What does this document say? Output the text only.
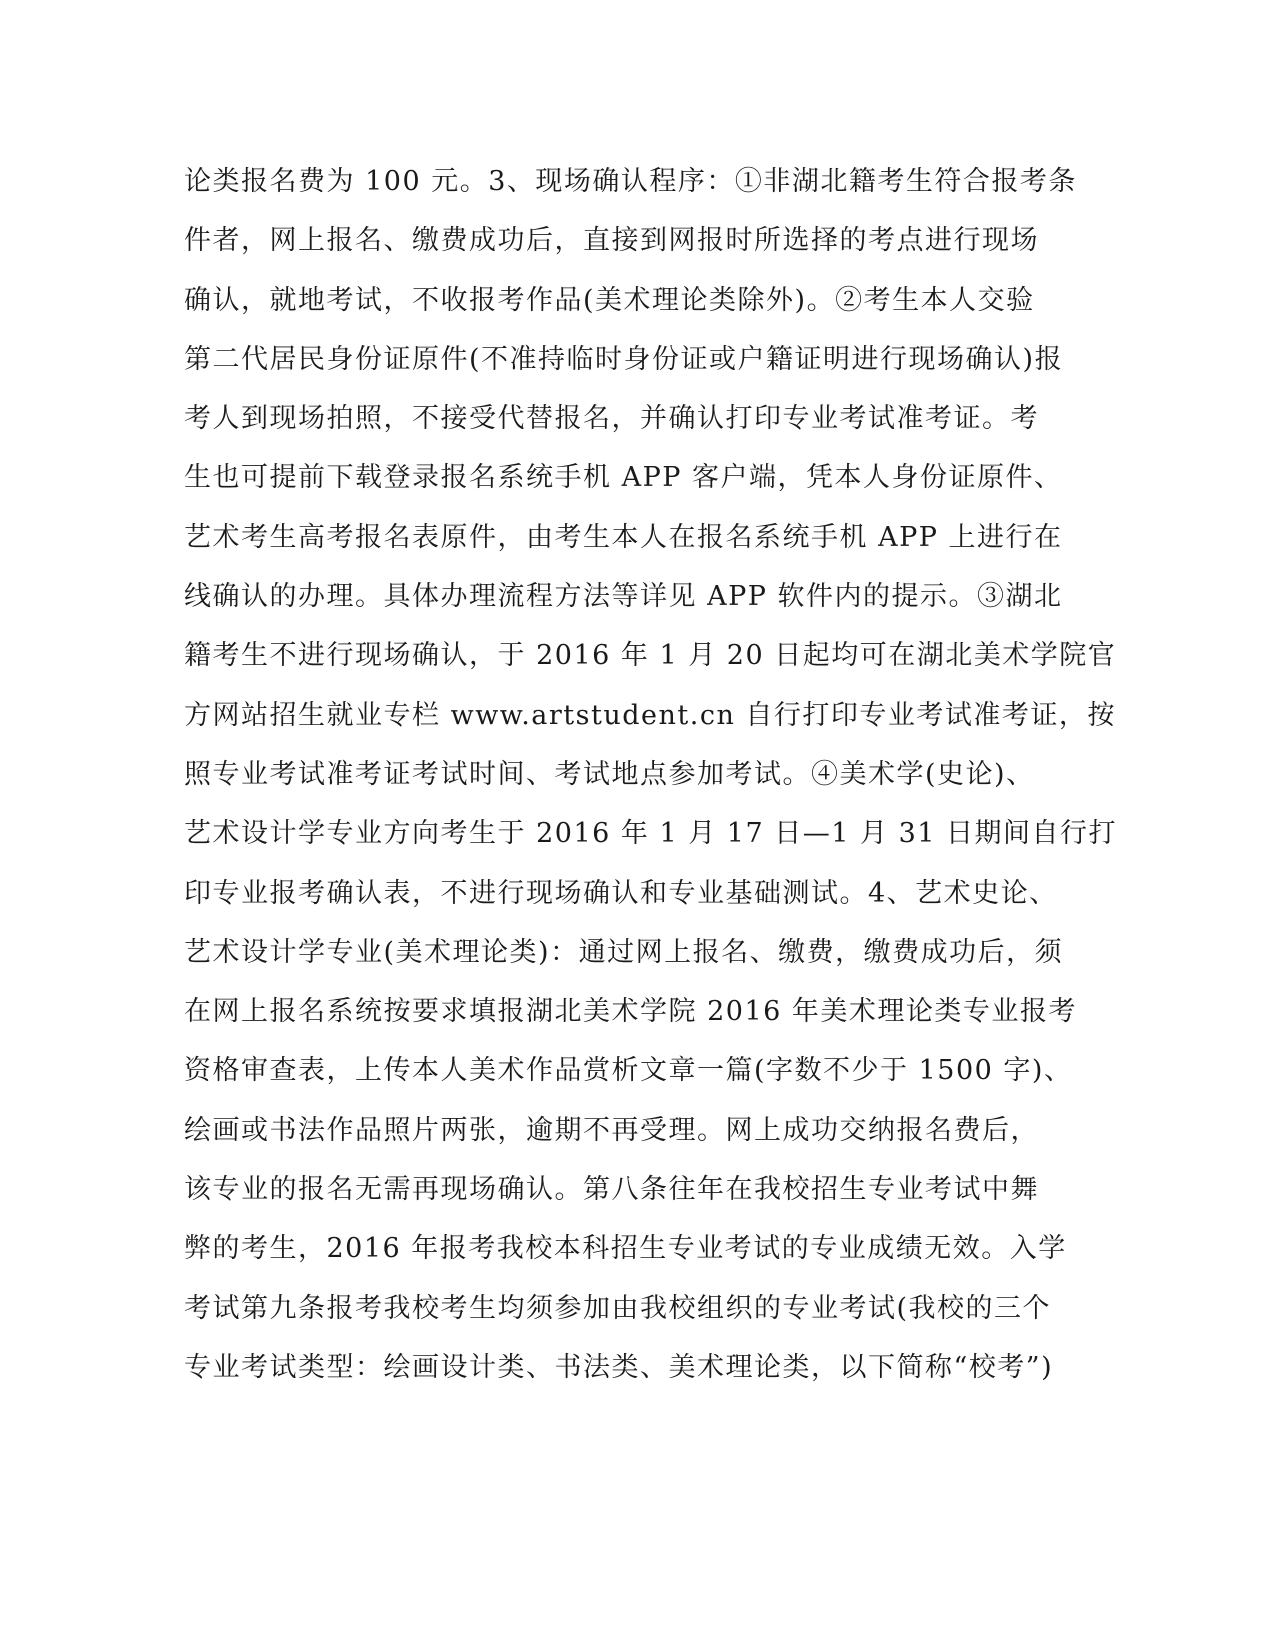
论类报名费为 100 元。3、现场确认程序：①非湖北籍考生符合报考条
件者，网上报名、缴费成功后，直接到网报时所选择的考点进行现场
确认，就地考试，不收报考作品(美术理论类除外)。②考生本人交验
第二代居民身份证原件(不准持临时身份证或户籍证明进行现场确认)报
考人到现场拍照，不接受代替报名，并确认打印专业考试准考证。考
生也可提前下载登录报名系统手机 APP 客户端，凭本人身份证原件、
艺术考生高考报名表原件，由考生本人在报名系统手机 APP 上进行在
线确认的办理。具体办理流程方法等详见 APP 软件内的提示。③湖北
籍考生不进行现场确认，于 2016 年 1 月 20 日起均可在湖北美术学院官
方网站招生就业专栏 www.artstudent.cn 自行打印专业考试准考证，按
照专业考试准考证考试时间、考试地点参加考试。④美术学(史论)、
艺术设计学专业方向考生于 2016 年 1 月 17 日—1 月 31 日期间自行打
印专业报考确认表，不进行现场确认和专业基础测试。4、艺术史论、
艺术设计学专业(美术理论类)：通过网上报名、缴费，缴费成功后，须
在网上报名系统按要求填报湖北美术学院 2016 年美术理论类专业报考
资格审查表，上传本人美术作品赏析文章一篇(字数不少于 1500 字)、
绘画或书法作品照片两张，逾期不再受理。网上成功交纳报名费后，
该专业的报名无需再现场确认。第八条往年在我校招生专业考试中舞
弊的考生，2016 年报考我校本科招生专业考试的专业成绩无效。入学
考试第九条报考我校考生均须参加由我校组织的专业考试(我校的三个
专业考试类型：绘画设计类、书法类、美术理论类，以下简称“校考”)
